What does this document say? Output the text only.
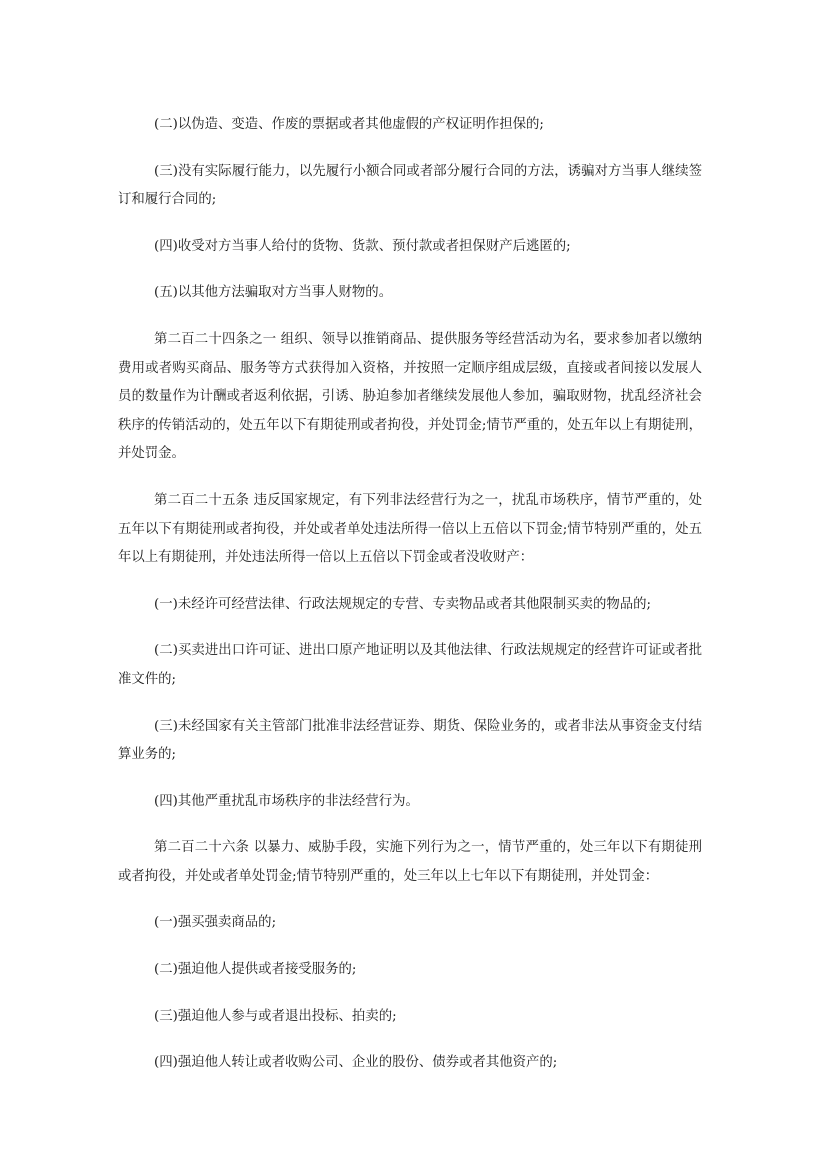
(二)以伪造、变造、作废的票据或者其他虚假的产权证明作担保的;

(三)没有实际履行能力，以先履行小额合同或者部分履行合同的方法，诱骗对方当事人继续签订和履行合同的;

(四)收受对方当事人给付的货物、货款、预付款或者担保财产后逃匿的;

(五)以其他方法骗取对方当事人财物的。

第二百二十四条之一 组织、领导以推销商品、提供服务等经营活动为名，要求参加者以缴纳费用或者购买商品、服务等方式获得加入资格，并按照一定顺序组成层级，直接或者间接以发展人员的数量作为计酬或者返利依据，引诱、胁迫参加者继续发展他人参加，骗取财物，扰乱经济社会秩序的传销活动的，处五年以下有期徒刑或者拘役，并处罚金;情节严重的，处五年以上有期徒刑，并处罚金。

第二百二十五条 违反国家规定，有下列非法经营行为之一，扰乱市场秩序，情节严重的，处五年以下有期徒刑或者拘役，并处或者单处违法所得一倍以上五倍以下罚金;情节特别严重的，处五年以上有期徒刑，并处违法所得一倍以上五倍以下罚金或者没收财产：

(一)未经许可经营法律、行政法规规定的专营、专卖物品或者其他限制买卖的物品的;

(二)买卖进出口许可证、进出口原产地证明以及其他法律、行政法规规定的经营许可证或者批准文件的;

(三)未经国家有关主管部门批准非法经营证券、期货、保险业务的，或者非法从事资金支付结算业务的;

(四)其他严重扰乱市场秩序的非法经营行为。

第二百二十六条 以暴力、威胁手段，实施下列行为之一，情节严重的，处三年以下有期徒刑或者拘役，并处或者单处罚金;情节特别严重的，处三年以上七年以下有期徒刑，并处罚金：

(一)强买强卖商品的;

(二)强迫他人提供或者接受服务的;

(三)强迫他人参与或者退出投标、拍卖的;

(四)强迫他人转让或者收购公司、企业的股份、债券或者其他资产的;
